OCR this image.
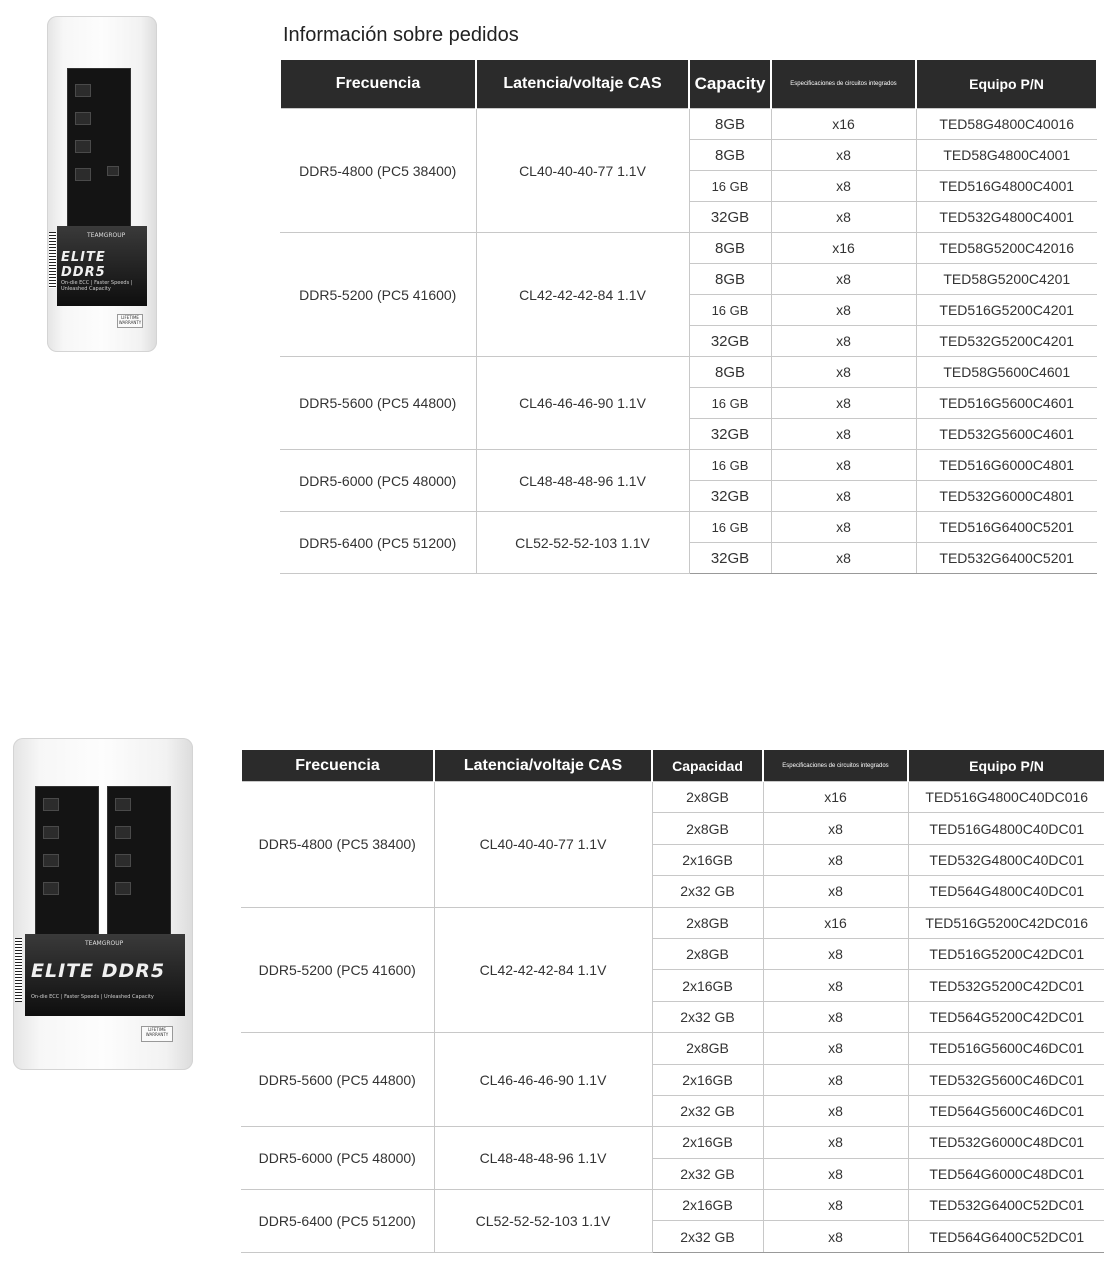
Información sobre pedidos
TEAMGROUP
ELITE DDR5
On-die ECC | Faster Speeds | Unleashed Capacity
LIFETIME WARRANTY
TEAMGROUP
ELITE DDR5
On-die ECC | Faster Speeds | Unleashed Capacity
LIFETIME WARRANTY
Frecuencia	Latencia/voltaje CAS	Capacity	Especificaciones de circuitos integrados	Equipo P/N
DDR5-4800 (PC5 38400)	CL40-40-40-77 1.1V	8GB	x16	TED58G4800C40016
		8GB	x8	TED58G4800C4001
		16 GB	x8	TED516G4800C4001
		32GB	x8	TED532G4800C4001
DDR5-5200 (PC5 41600)	CL42-42-42-84 1.1V	8GB	x16	TED58G5200C42016
		8GB	x8	TED58G5200C4201
		16 GB	x8	TED516G5200C4201
		32GB	x8	TED532G5200C4201
DDR5-5600 (PC5 44800)	CL46-46-46-90 1.1V	8GB	x8	TED58G5600C4601
		16 GB	x8	TED516G5600C4601
		32GB	x8	TED532G5600C4601
DDR5-6000 (PC5 48000)	CL48-48-48-96 1.1V	16 GB	x8	TED516G6000C4801
		32GB	x8	TED532G6000C4801
DDR5-6400 (PC5 51200)	CL52-52-52-103 1.1V	16 GB	x8	TED516G6400C5201
		32GB	x8	TED532G6400C5201
Frecuencia	Latencia/voltaje CAS	Capacidad	Especificaciones de circuitos integrados	Equipo P/N
DDR5-4800 (PC5 38400)	CL40-40-40-77 1.1V	2x8GB	x16	TED516G4800C40DC016
		2x8GB	x8	TED516G4800C40DC01
		2x16GB	x8	TED532G4800C40DC01
		2x32 GB	x8	TED564G4800C40DC01
DDR5-5200 (PC5 41600)	CL42-42-42-84 1.1V	2x8GB	x16	TED516G5200C42DC016
		2x8GB	x8	TED516G5200C42DC01
		2x16GB	x8	TED532G5200C42DC01
		2x32 GB	x8	TED564G5200C42DC01
DDR5-5600 (PC5 44800)	CL46-46-46-90 1.1V	2x8GB	x8	TED516G5600C46DC01
		2x16GB	x8	TED532G5600C46DC01
		2x32 GB	x8	TED564G5600C46DC01
DDR5-6000 (PC5 48000)	CL48-48-48-96 1.1V	2x16GB	x8	TED532G6000C48DC01
		2x32 GB	x8	TED564G6000C48DC01
DDR5-6400 (PC5 51200)	CL52-52-52-103 1.1V	2x16GB	x8	TED532G6400C52DC01
		2x32 GB	x8	TED564G6400C52DC01
